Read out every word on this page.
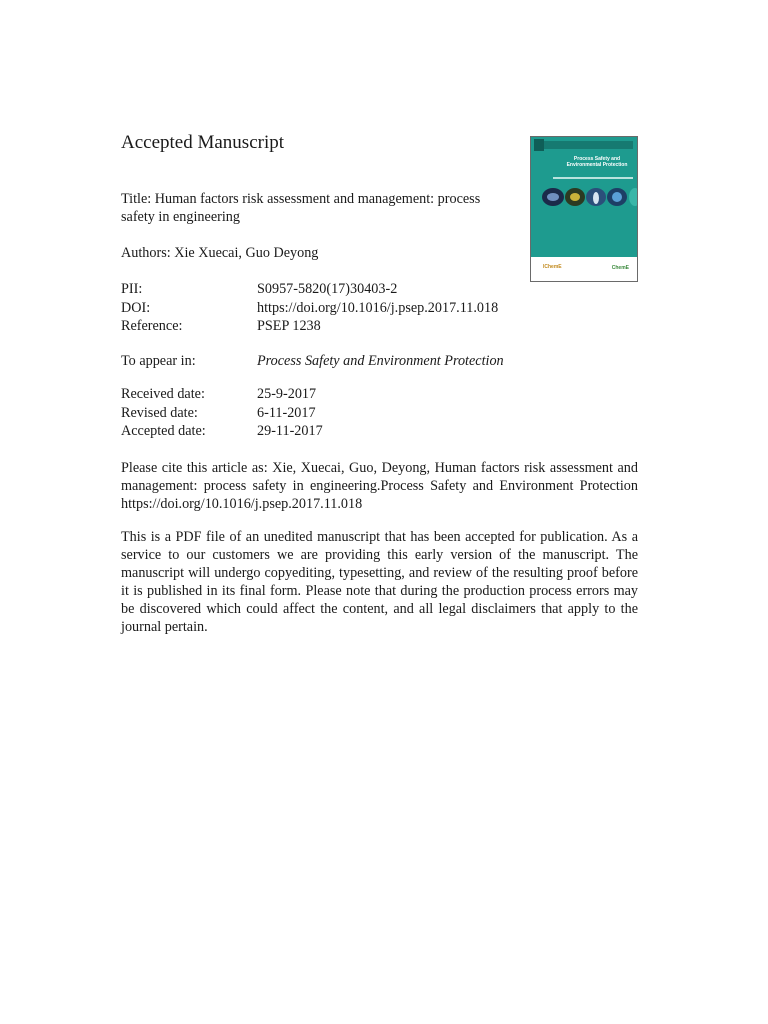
Accepted Manuscript
Title: Human factors risk assessment and management: process safety in engineering
Authors: Xie Xuecai, Guo Deyong
PII:	S0957-5820(17)30403-2
DOI:	https://doi.org/10.1016/j.psep.2017.11.018
Reference:	PSEP 1238
To appear in:	Process Safety and Environment Protection
Received date:	25-9-2017
Revised date:	6-11-2017
Accepted date:	29-11-2017
Please cite this article as: Xie, Xuecai, Guo, Deyong, Human factors risk assessment and management: process safety in engineering.Process Safety and Environment Protection https://doi.org/10.1016/j.psep.2017.11.018
This is a PDF file of an unedited manuscript that has been accepted for publication. As a service to our customers we are providing this early version of the manuscript. The manuscript will undergo copyediting, typesetting, and review of the resulting proof before it is published in its final form. Please note that during the production process errors may be discovered which could affect the content, and all legal disclaimers that apply to the journal pertain.
Process Safety and Environmental Protection
IChemE	ChemE
